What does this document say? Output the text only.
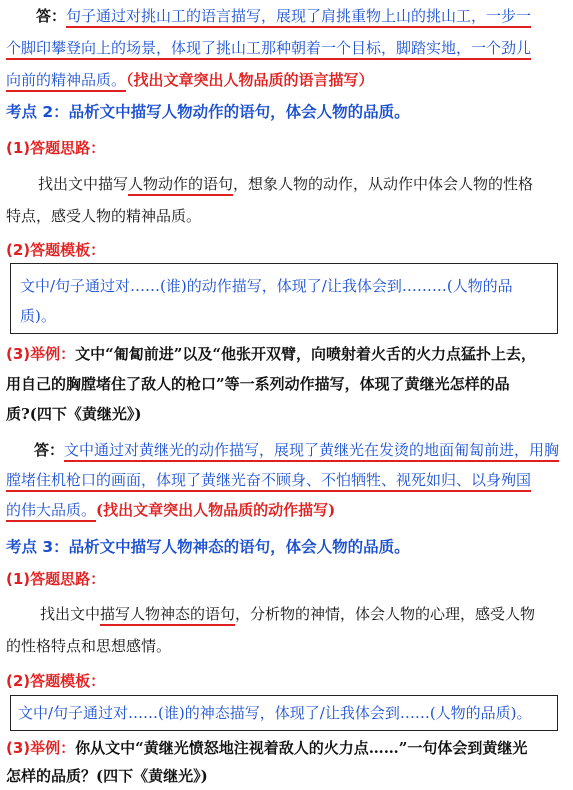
答：句子通过对挑山工的语言描写，展现了肩挑重物上山的挑山工，一步一
个脚印攀登向上的场景，体现了挑山工那种朝着一个目标，脚踏实地，一个劲儿
向前的精神品质。（找出文章突出人物品质的语言描写）
考点 2：品析文中描写人物动作的语句，体会人物的品质。
(1)答题思路：
找出文中描写人物动作的语句，想象人物的动作，从动作中体会人物的性格
特点，感受人物的精神品质。
(2)答题模板：
文中/句子通过对……(谁)的动作描写，体现了/让我体会到………(人物的品
质)。
(3)举例：文中“匍匐前进”以及“他张开双臂，向喷射着火舌的火力点猛扑上去，
用自己的胸膛堵住了敌人的枪口”等一系列动作描写，体现了黄继光怎样的品
质?(四下《黄继光》)
答：文中通过对黄继光的动作描写，展现了黄继光在发烫的地面匍匐前进，用胸
膛堵住机枪口的画面，体现了黄继光奋不顾身、不怕牺牲、视死如归、以身殉国
的伟大品质。(找出文章突出人物品质的动作描写)
考点 3：品析文中描写人物神态的语句，体会人物的品质。
(1)答题思路：
找出文中描写人物神态的语句，分析物的神情，体会人物的心理，感受人物
的性格特点和思想感情。
(2)答题模板：
文中/句子通过对……(谁)的神态描写，体现了/让我体会到……(人物的品质)。
(3)举例：你从文中“黄继光愤怒地注视着敌人的火力点……”一句体会到黄继光
怎样的品质？(四下《黄继光》)
